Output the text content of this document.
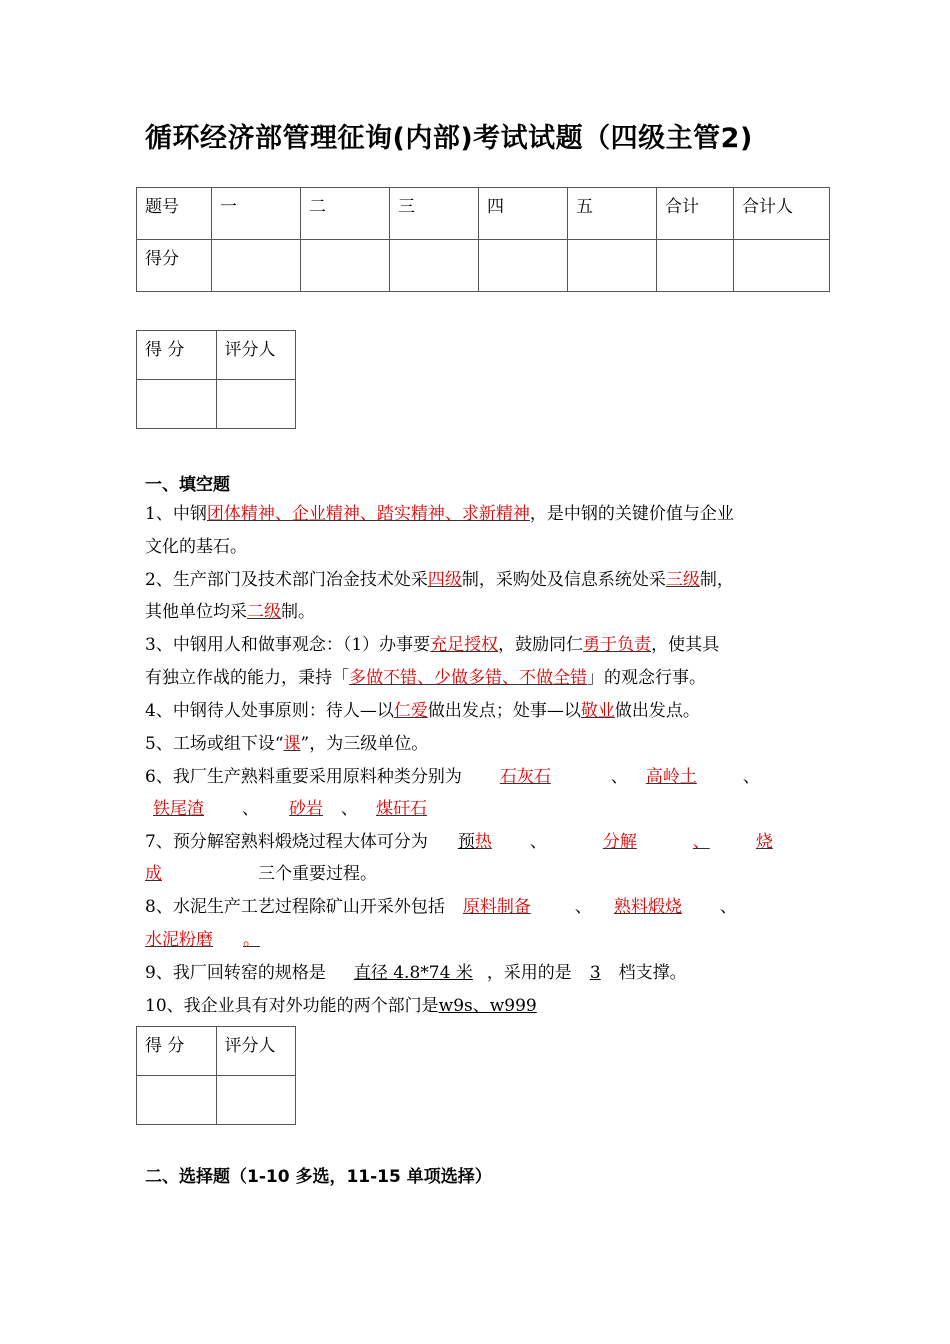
循环经济部管理征询(内部)考试试题（四级主管2)
题号	一	二	三	四	五	合计	合计人
得分							
得 分	评分人

一、填空题
1、中钢团体精神、企业精神、踏实精神、求新精神，是中钢的关键价值与企业
文化的基石。
2、生产部门及技术部门冶金技术处采四级制，采购处及信息系统处采三级制，
其他单位均采二级制。
3、中钢用人和做事观念：（1）办事要充足授权，鼓励同仁勇于负责，使其具
有独立作战的能力，秉持「多做不错、少做多错、不做全错」的观念行事。
4、中钢待人处事原则：待人—以仁爱做出发点；处事—以敬业做出发点。
5、工场或组下设“课”，为三级单位。
6、我厂生产熟料重要采用原料种类分别为 石灰石	、 高岭土	、
铁尾渣 、 砂岩 、 煤矸石
7、预分解窑熟料煅烧过程大体可分为 预热 、	分解	、	烧
成	三个重要过程。
8、水泥生产工艺过程除矿山开采外包括 原料制备	、 熟料煅烧 、
水泥粉磨 。
9、我厂回转窑的规格是 直径 4.8*74 米 ，采用的是 3 档支撑。
10、我企业具有对外功能的两个部门是w9s、w999
得 分	评分人

二、选择题（1-10 多选，11-15 单项选择）
